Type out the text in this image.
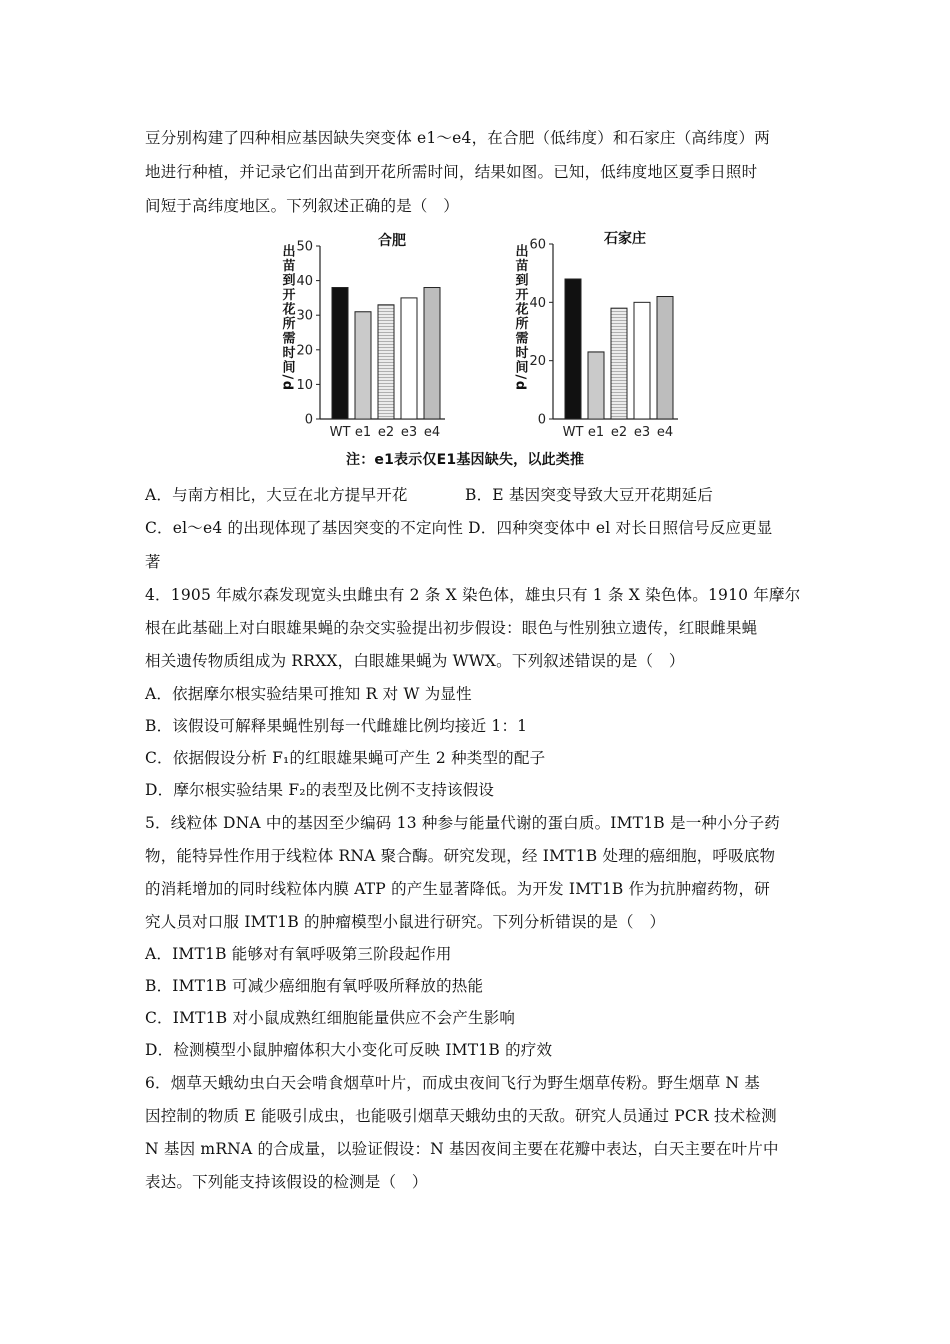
豆分别构建了四种相应基因缺失突变体 e1～e4，在合肥（低纬度）和石家庄（高纬度）两
地进行种植，并记录它们出苗到开花所需时间，结果如图。已知，低纬度地区夏季日照时
间短于高纬度地区。下列叙述正确的是（　）
0
10
20
30
40
50
WT e1 e2 e3 e4
合肥
出苗到开花所需时间/d
0
20
40
60
WT e1 e2 e3 e4
石家庄
出苗到开花所需时间/d
注：e1表示仅E1基因缺失，以此类推
A．与南方相比，大豆在北方提早开花	B．E 基因突变导致大豆开花期延后
C．el～e4 的出现体现了基因突变的不定向性 D．四种突变体中 el 对长日照信号反应更显
著
4．1905 年威尔森发现宽头虫雌虫有 2 条 X 染色体，雄虫只有 1 条 X 染色体。1910 年摩尔
根在此基础上对白眼雄果蝇的杂交实验提出初步假设：眼色与性别独立遗传，红眼雌果蝇
相关遗传物质组成为 RRXX，白眼雄果蝇为 WWX。下列叙述错误的是（　）
A．依据摩尔根实验结果可推知 R 对 W 为显性
B．该假设可解释果蝇性别每一代雌雄比例均接近 1：1
C．依据假设分析 F₁的红眼雄果蝇可产生 2 种类型的配子
D．摩尔根实验结果 F₂的表型及比例不支持该假设
5．线粒体 DNA 中的基因至少编码 13 种参与能量代谢的蛋白质。IMT1B 是一种小分子药
物，能特异性作用于线粒体 RNA 聚合酶。研究发现，经 IMT1B 处理的癌细胞，呼吸底物
的消耗增加的同时线粒体内膜 ATP 的产生显著降低。为开发 IMT1B 作为抗肿瘤药物，研
究人员对口服 IMT1B 的肿瘤模型小鼠进行研究。下列分析错误的是（　）
A．IMT1B 能够对有氧呼吸第三阶段起作用
B．IMT1B 可减少癌细胞有氧呼吸所释放的热能
C．IMT1B 对小鼠成熟红细胞能量供应不会产生影响
D．检测模型小鼠肿瘤体积大小变化可反映 IMT1B 的疗效
6．烟草天蛾幼虫白天会啃食烟草叶片，而成虫夜间飞行为野生烟草传粉。野生烟草 N 基
因控制的物质 E 能吸引成虫，也能吸引烟草天蛾幼虫的天敌。研究人员通过 PCR 技术检测
N 基因 mRNA 的合成量，以验证假设：N 基因夜间主要在花瓣中表达，白天主要在叶片中
表达。下列能支持该假设的检测是（　）
